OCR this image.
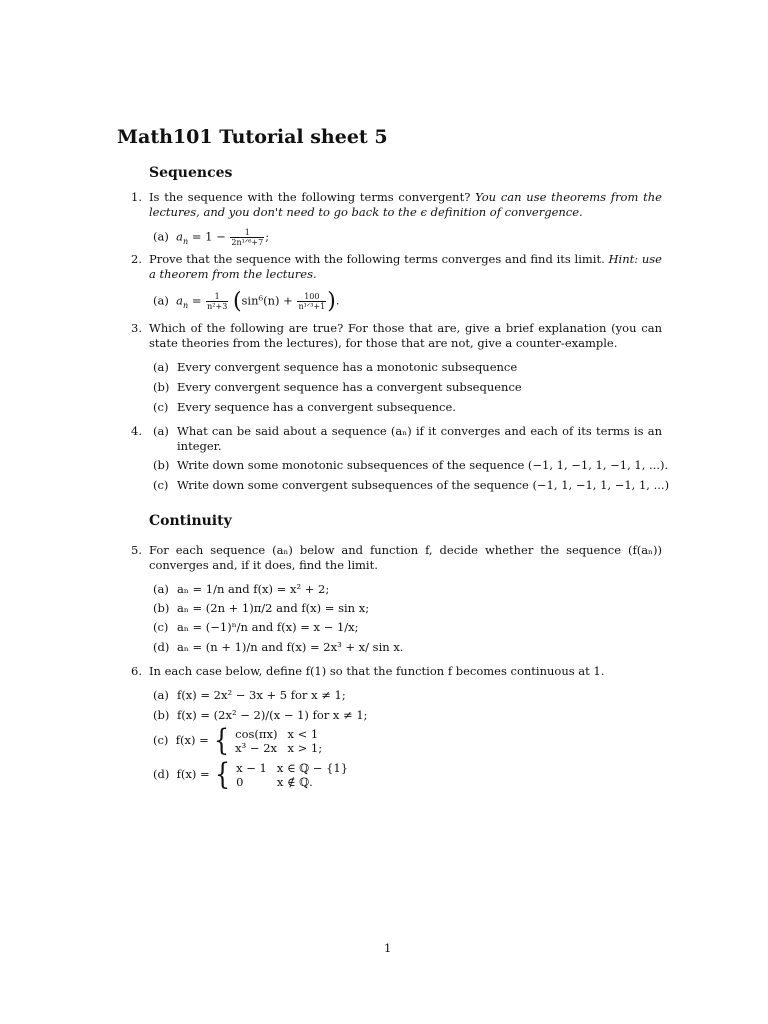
Math101 Tutorial sheet 5
Sequences
1. Is the sequence with the following terms convergent? You can use theorems from the lectures, and you don't need to go back to the ϵ definition of convergence.

(a) $a_n = 1 - \frac{1}{\text{2n¹ᐟ⁶+7}}$ ;
2. Prove that the sequence with the following terms converges and find its limit. Hint: use a theorem from the lectures.

(a) $a_n = \frac{1}{\text{n²+3}} (\sin^6(n) + \frac{100}{\text{n¹ᐟ³+1}}$ ).
3. Which of the following are true? For those that are, give a brief explanation (you can state theories from the lectures), for those that are not, give a counter-example.

(a) Every convergent sequence has a monotonic subsequence
(b) Every convergent sequence has a convergent subsequence
(c) Every sequence has a convergent subsequence.
4. (a) What can be said about a sequence (aₙ) if it converges and each of its terms is an integer.

(b) Write down some monotonic subsequences of the sequence (−1, 1, −1, 1, −1, 1, ...).
(c) Write down some convergent subsequences of the sequence (−1, 1, −1, 1, −1, 1, ...)
Continuity
5. For each sequence (aₙ) below and function f, decide whether the sequence (f(aₙ)) converges and, if it does, find the limit.

(a) aₙ = 1/n and f(x) = x² + 2;
(b) aₙ = (2n + 1)π/2 and f(x) = sin x;
(c) aₙ = (−1)ⁿ/n and f(x) = x − 1/x;
(d) aₙ = (n + 1)/n and f(x) = 2x³ + x/ sin x.
6. In each case below, define f(1) so that the function f becomes continuous at 1.

(a) f(x) = 2x² − 3x + 5 for x ≠ 1;
(b) f(x) = (2x² − 2)/(x − 1) for x ≠ 1;
(c) f(x) = { cos(πx)	x < 1
x³ − 2x	x > 1;
(d) f(x) = { x − 1	x ∈ ℚ − {1}
0	x ∉ ℚ.
1
